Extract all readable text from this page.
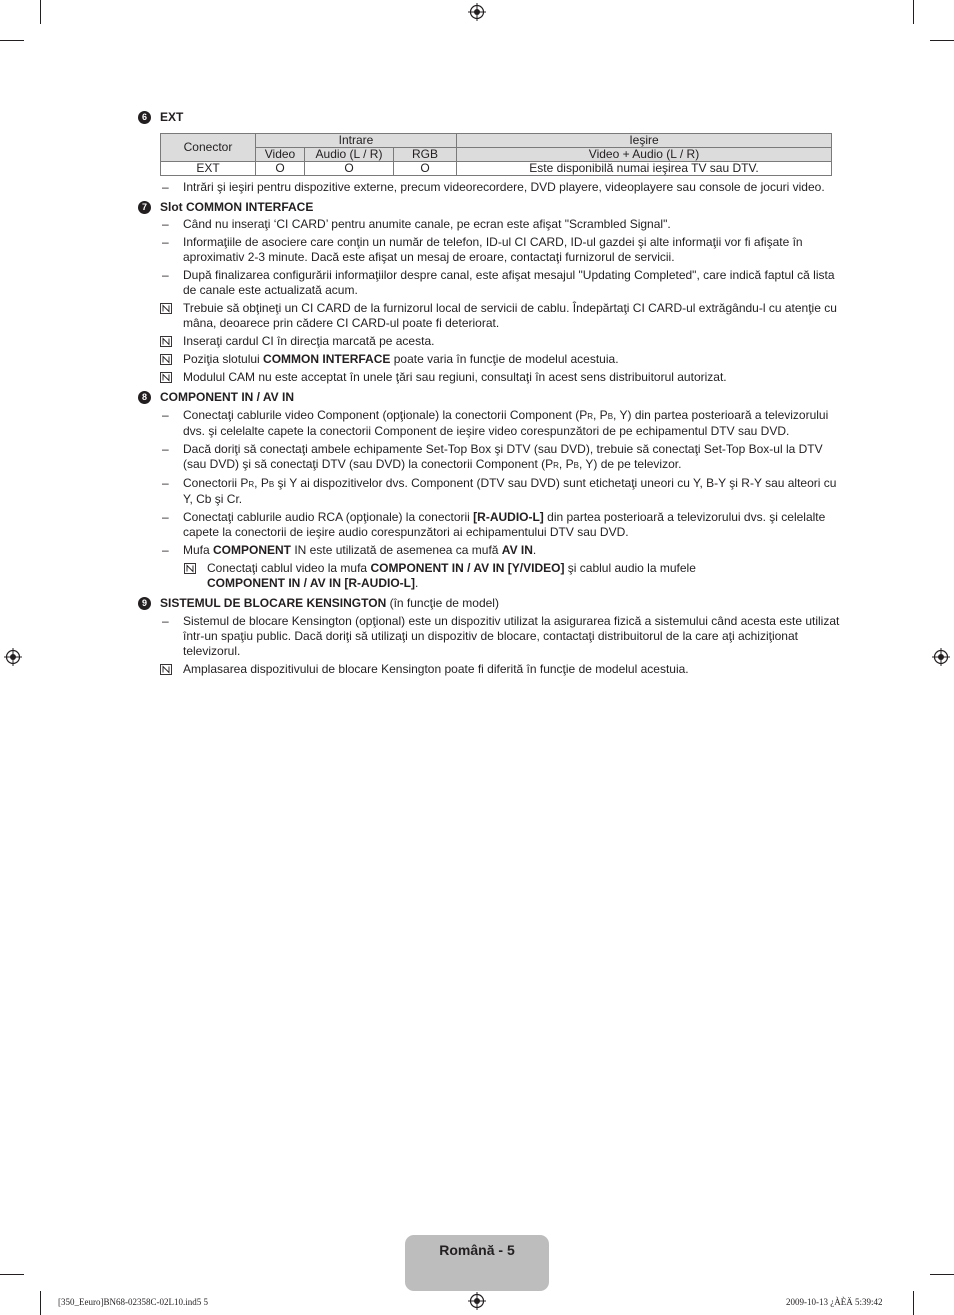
6	EXT
Conector	Intrare			Ieşire
	Video	Audio (L / R)	RGB	Video + Audio (L / R)
EXT	O	O	O	Este disponibilă numai ieşirea TV sau DTV.
– Intrări şi ieşiri pentru dispozitive externe, precum videorecordere, DVD playere, videoplayere sau console de jocuri video.
7	Slot COMMON INTERFACE
– Când nu inseraţi ‘CI CARD’ pentru anumite canale, pe ecran este afişat "Scrambled Signal".
– Informaţiile de asociere care conţin un număr de telefon, ID-ul CI CARD, ID-ul gazdei şi alte informaţii vor fi afişate în aproximativ 2-3 minute. Dacă este afişat un mesaj de eroare, contactaţi furnizorul de servicii.
– După finalizarea configurării informaţiilor despre canal, este afişat mesajul "Updating Completed", care indică faptul că lista de canale este actualizată acum.
Trebuie să obţineţi un CI CARD de la furnizorul local de servicii de cablu. Îndepărtaţi CI CARD-ul extrăgându-l cu atenţie cu mâna, deoarece prin cădere CI CARD-ul poate fi deteriorat.
Inseraţi cardul CI în direcţia marcată pe acesta.
Poziţia slotului COMMON INTERFACE poate varia în funcţie de modelul acestuia.
Modulul CAM nu este acceptat în unele ţări sau regiuni, consultaţi în acest sens distribuitorul autorizat.
8	COMPONENT IN / AV IN
– Conectaţi cablurile video Component (opţionale) la conectorii Component (PR, PB, Y) din partea posterioară a televizorului dvs. şi celelalte capete la conectorii Component de ieşire video corespunzători de pe echipamentul DTV sau DVD.
– Dacă doriţi să conectaţi ambele echipamente Set-Top Box şi DTV (sau DVD), trebuie să conectaţi Set-Top Box-ul la DTV (sau DVD) şi să conectaţi DTV (sau DVD) la conectorii Component (PR, PB, Y) de pe televizor.
– Conectorii PR, PB şi Y ai dispozitivelor dvs. Component (DTV sau DVD) sunt etichetaţi uneori cu Y, B-Y şi R-Y sau altеori cu Y, Cb şi Cr.
– Conectaţi cablurile audio RCA (opţionale) la conectorii [R-AUDIO-L] din partea posterioară a televizorului dvs. şi celelalte capete la conectorii de ieşire audio corespunzători ai echipamentului DTV sau DVD.
– Mufa COMPONENT IN este utilizată de asemenea ca mufă AV IN.
Conectaţi cablul video la mufa COMPONENT IN / AV IN [Y/VIDEO] şi cablul audio la mufele
COMPONENT IN / AV IN [R-AUDIO-L].
9	SISTEMUL DE BLOCARE KENSINGTON (în funcţie de model)
– Sistemul de blocare Kensington (opţional) este un dispozitiv utilizat la asigurarea fizică a sistemului când acesta este utilizat într-un spaţiu public. Dacă doriţi să utilizaţi un dispozitiv de blocare, contactaţi distribuitorul de la care aţi achiziţionat televizorul.
Amplasarea dispozitivului de blocare Kensington poate fi diferită în funcţie de modelul acestuia.
Română - 5
[350_Eeuro]BN68-02358C-02L10.ind5 5	2009-10-13 ¿ÀÈÄ 5:39:42
